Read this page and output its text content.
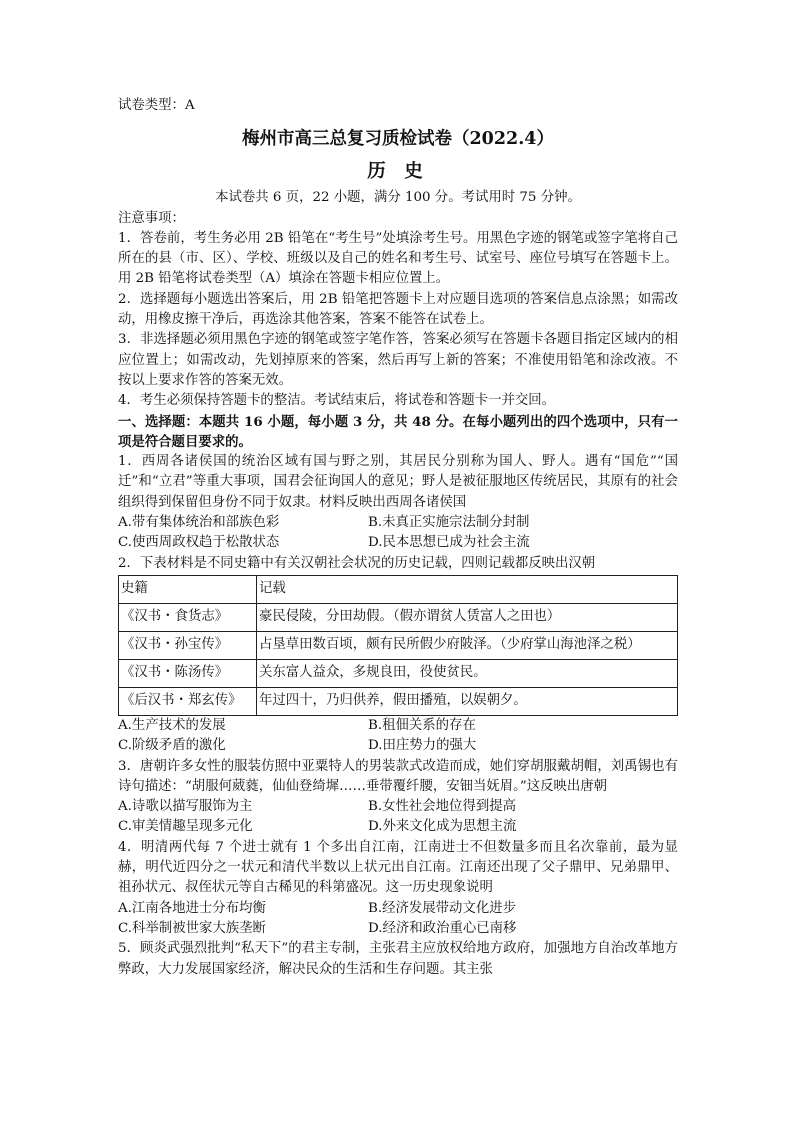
试卷类型：A
梅州市高三总复习质检试卷（2022.4）
历 史
本试卷共 6 页，22 小题，满分 100 分。考试用时 75 分钟。
注意事项：
1．答卷前，考生务必用 2B 铅笔在“考生号”处填涂考生号。用黑色字迹的钢笔或签字笔将自己所在的县（市、区）、学校、班级以及自己的姓名和考生号、试室号、座位号填写在答题卡上。用 2B 铅笔将试卷类型（A）填涂在答题卡相应位置上。
2．选择题每小题选出答案后，用 2B 铅笔把答题卡上对应题目选项的答案信息点涂黑；如需改动，用橡皮擦干净后，再选涂其他答案，答案不能答在试卷上。
3．非选择题必须用黑色字迹的钢笔或签字笔作答，答案必须写在答题卡各题目指定区域内的相应位置上；如需改动，先划掉原来的答案，然后再写上新的答案；不准使用铅笔和涂改液。不按以上要求作答的答案无效。
4．考生必须保持答题卡的整洁。考试结束后，将试卷和答题卡一并交回。
一、选择题：本题共 16 小题，每小题 3 分，共 48 分。在每小题列出的四个选项中，只有一项是符合题目要求的。
1．西周各诸侯国的统治区域有国与野之别，其居民分别称为国人、野人。遇有“国危”“国迁”和“立君”等重大事项，国君会征询国人的意见；野人是被征服地区传统居民，其原有的社会组织得到保留但身份不同于奴隶。材料反映出西周各诸侯国
A.带有集体统治和部族色彩	B.未真正实施宗法制分封制
C.使西周政权趋于松散状态	D.民本思想已成为社会主流
2．下表材料是不同史籍中有关汉朝社会状况的历史记载，四则记载都反映出汉朝
史籍	记载
《汉书・食货志》	豪民侵陵，分田劫假。（假亦谓贫人赁富人之田也）
《汉书・孙宝传》	占垦草田数百顷，颇有民所假少府陂泽。（少府掌山海池泽之税）
《汉书・陈汤传》	关东富人益众，多规良田，役使贫民。
《后汉书・郑玄传》	年过四十，乃归供养，假田播殖，以娱朝夕。
A.生产技术的发展	B.租佃关系的存在
C.阶级矛盾的激化	D.田庄势力的强大
3．唐朝许多女性的服装仿照中亚粟特人的男装款式改造而成，她们穿胡服戴胡帽，刘禹锡也有诗句描述：“胡服何葳蕤，仙仙登绮墀……垂带覆纤腰，安钿当妩眉。”这反映出唐朝
A.诗歌以描写服饰为主	B.女性社会地位得到提高
C.审美情趣呈现多元化	D.外来文化成为思想主流
4．明清两代每 7 个进士就有 1 个多出自江南，江南进士不但数量多而且名次靠前，最为显赫，明代近四分之一状元和清代半数以上状元出自江南。江南还出现了父子鼎甲、兄弟鼎甲、祖孙状元、叔侄状元等自古稀见的科第盛况。这一历史现象说明
A.江南各地进士分布均衡	B.经济发展带动文化进步
C.科举制被世家大族垄断	D.经济和政治重心已南移
5．顾炎武强烈批判“私天下”的君主专制，主张君主应放权给地方政府，加强地方自治改革地方弊政，大力发展国家经济，解决民众的生活和生存问题。其主张
